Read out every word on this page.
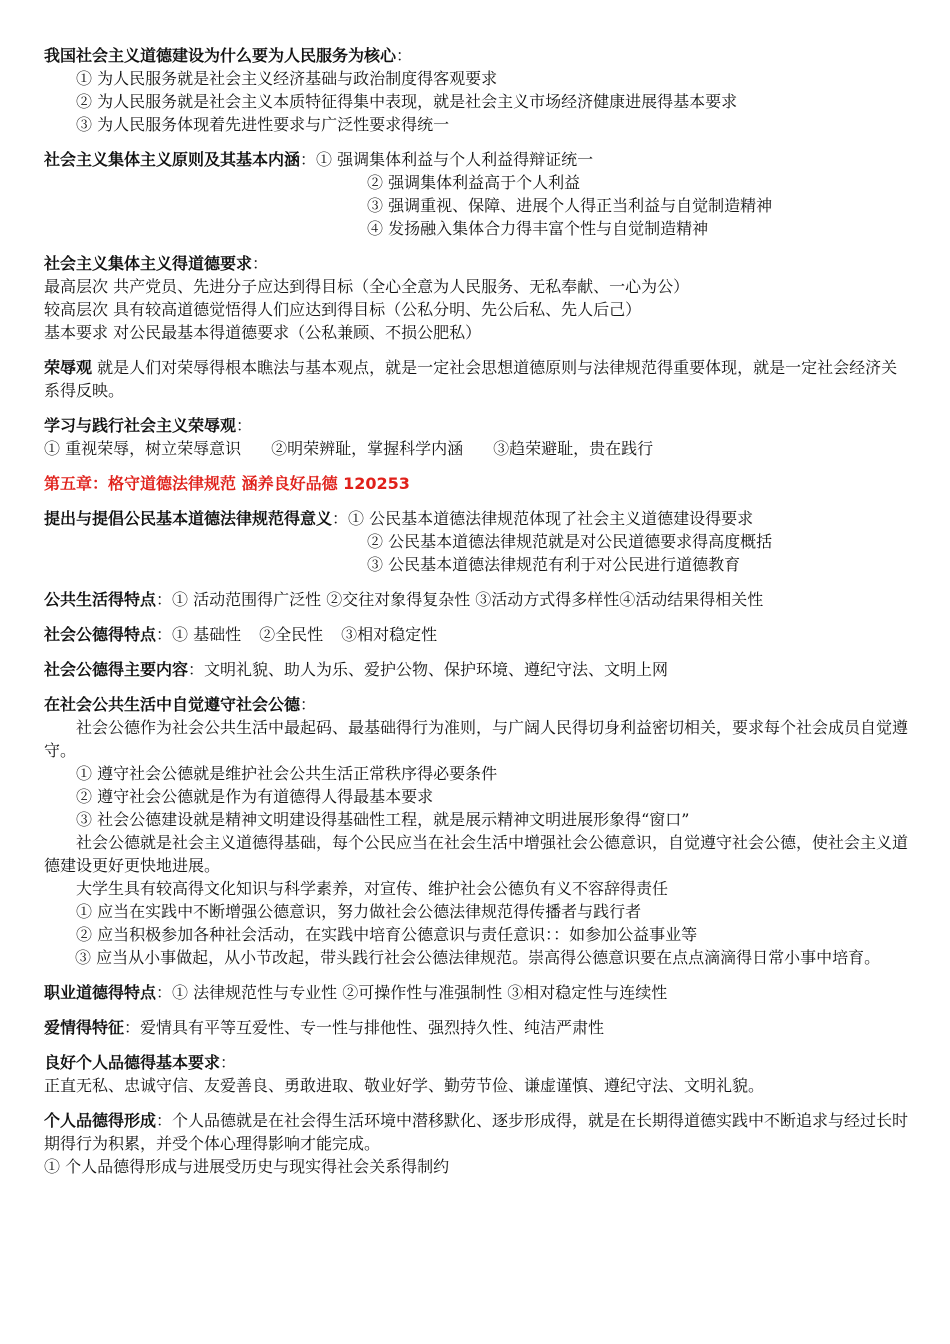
我国社会主义道德建设为什么要为人民服务为核心：
① 为人民服务就是社会主义经济基础与政治制度得客观要求
② 为人民服务就是社会主义本质特征得集中表现，就是社会主义市场经济健康进展得基本要求
③ 为人民服务体现着先进性要求与广泛性要求得统一
社会主义集体主义原则及其基本内涵：① 强调集体利益与个人利益得辩证统一
② 强调集体利益高于个人利益
③ 强调重视、保障、进展个人得正当利益与自觉制造精神
④ 发扬融入集体合力得丰富个性与自觉制造精神
社会主义集体主义得道德要求：
最高层次 共产党员、先进分子应达到得目标（全心全意为人民服务、无私奉献、一心为公）
较高层次 具有较高道德觉悟得人们应达到得目标（公私分明、先公后私、先人后己）
基本要求 对公民最基本得道德要求（公私兼顾、不损公肥私）
荣辱观 就是人们对荣辱得根本瞧法与基本观点，就是一定社会思想道德原则与法律规范得重要体现，就是一定社会经济关系得反映。
学习与践行社会主义荣辱观：
① 重视荣辱，树立荣辱意识 ②明荣辨耻，掌握科学内涵 ③趋荣避耻，贵在践行
第五章：格守道德法律规范 涵养良好品德 120253
提出与提倡公民基本道德法律规范得意义：① 公民基本道德法律规范体现了社会主义道德建设得要求
② 公民基本道德法律规范就是对公民道德要求得高度概括
③ 公民基本道德法律规范有利于对公民进行道德教育
公共生活得特点：① 活动范围得广泛性 ②交往对象得复杂性 ③活动方式得多样性④活动结果得相关性
社会公德得特点：① 基础性 ②全民性 ③相对稳定性
社会公德得主要内容：文明礼貌、助人为乐、爱护公物、保护环境、遵纪守法、文明上网
在社会公共生活中自觉遵守社会公德：
社会公德作为社会公共生活中最起码、最基础得行为准则，与广阔人民得切身利益密切相关，要求每个社会成员自觉遵守。
① 遵守社会公德就是维护社会公共生活正常秩序得必要条件
② 遵守社会公德就是作为有道德得人得最基本要求
③ 社会公德建设就是精神文明建设得基础性工程，就是展示精神文明进展形象得“窗口”
社会公德就是社会主义道德得基础，每个公民应当在社会生活中增强社会公德意识，自觉遵守社会公德，使社会主义道德建设更好更快地进展。
大学生具有较高得文化知识与科学素养，对宣传、维护社会公德负有义不容辞得责任
① 应当在实践中不断增强公德意识，努力做社会公德法律规范得传播者与践行者
② 应当积极参加各种社会活动，在实践中培育公德意识与责任意识：：如参加公益事业等
③ 应当从小事做起，从小节改起，带头践行社会公德法律规范。崇高得公德意识要在点点滴滴得日常小事中培育。
职业道德得特点：① 法律规范性与专业性 ②可操作性与准强制性 ③相对稳定性与连续性
爱情得特征：爱情具有平等互爱性、专一性与排他性、强烈持久性、纯洁严肃性
良好个人品德得基本要求：
正直无私、忠诚守信、友爱善良、勇敢进取、敬业好学、勤劳节俭、谦虚谨慎、遵纪守法、文明礼貌。
个人品德得形成：个人品德就是在社会得生活环境中潜移默化、逐步形成得，就是在长期得道德实践中不断追求与经过长时期得行为积累，并受个体心理得影响才能完成。
① 个人品德得形成与进展受历史与现实得社会关系得制约
